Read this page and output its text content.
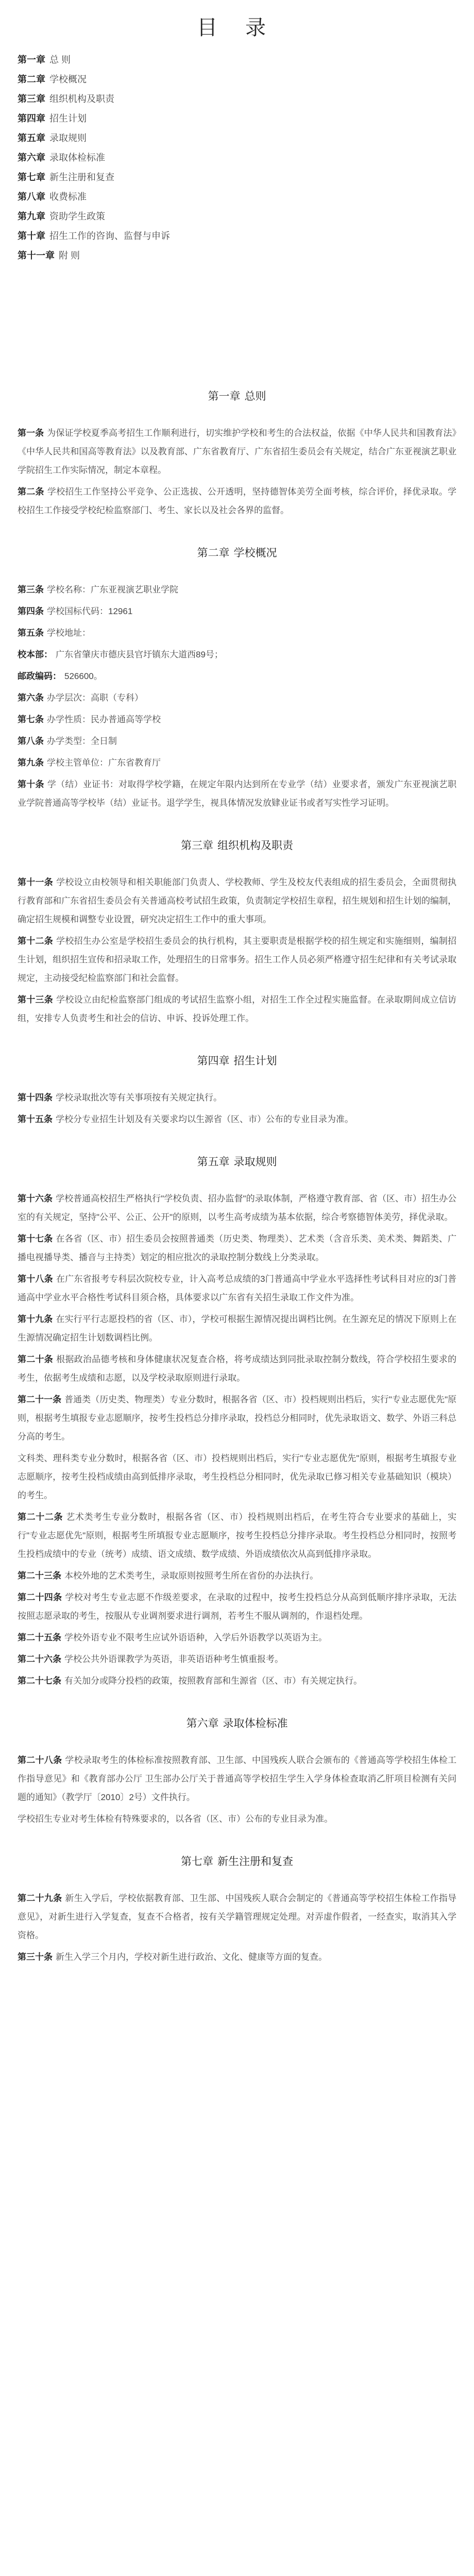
目 录
第一章 总 则
第二章 学校概况
第三章 组织机构及职责
第四章 招生计划
第五章 录取规则
第六章 录取体检标准
第七章 新生注册和复查
第八章 收费标准
第九章 资助学生政策
第十章 招生工作的咨询、监督与申诉
第十一章 附 则
第一章 总则

第一条 为保证学校夏季高考招生工作顺利进行，切实维护学校和考生的合法权益，依据《中华人民共和国教育法》《中华人民共和国高等教育法》以及教育部、广东省教育厅、广东省招生委员会有关规定，结合广东亚视演艺职业学院招生工作实际情况，制定本章程。

第二条 学校招生工作坚持公平竞争、公正选拔、公开透明，坚持德智体美劳全面考核，综合评价，择优录取。学校招生工作接受学校纪检监察部门、考生、家长以及社会各界的监督。

第二章 学校概况

第三条 学校名称：广东亚视演艺职业学院

第四条 学校国标代码：12961

第五条 学校地址：

校本部： 广东省肇庆市德庆县官圩镇东大道西89号；

邮政编码： 526600。

第六条 办学层次：高职（专科）

第七条 办学性质：民办普通高等学校

第八条 办学类型：全日制

第九条 学校主管单位：广东省教育厅

第十条 学（结）业证书：对取得学校学籍，在规定年限内达到所在专业学（结）业要求者，颁发广东亚视演艺职业学院普通高等学校毕（结）业证书。退学学生，视具体情况发放肄业证书或者写实性学习证明。

第三章 组织机构及职责

第十一条 学校设立由校领导和相关职能部门负责人、学校教师、学生及校友代表组成的招生委员会，全面贯彻执行教育部和广东省招生委员会有关普通高校考试招生政策，负责制定学校招生章程，招生规划和招生计划的编制，确定招生规模和调整专业设置，研究决定招生工作中的重大事项。

第十二条 学校招生办公室是学校招生委员会的执行机构，其主要职责是根据学校的招生规定和实施细则，编制招生计划，组织招生宣传和招录取工作，处理招生的日常事务。招生工作人员必须严格遵守招生纪律和有关考试录取规定，主动接受纪检监察部门和社会监督。

第十三条 学校设立由纪检监察部门组成的考试招生监察小组，对招生工作全过程实施监督。在录取期间成立信访组，安排专人负责考生和社会的信访、申诉、投诉处理工作。

第四章 招生计划

第十四条 学校录取批次等有关事项按有关规定执行。

第十五条 学校分专业招生计划及有关要求均以生源省（区、市）公布的专业目录为准。

第五章 录取规则

第十六条 学校普通高校招生严格执行"学校负责、招办监督"的录取体制，严格遵守教育部、省（区、市）招生办公室的有关规定，坚持"公平、公正、公开"的原则，以考生高考成绩为基本依据，综合考察德智体美劳，择优录取。

第十七条 在各省（区、市）招生委员会按照普通类（历史类、物理类）、艺术类（含音乐类、美术类、舞蹈类、广播电视播导类、播音与主持类）划定的相应批次的录取控制分数线上分类录取。

第十八条 在广东省报考专科层次院校专业，计入高考总成绩的3门普通高中学业水平选择性考试科目对应的3门普通高中学业水平合格性考试科目须合格，具体要求以广东省有关招生录取工作文件为准。

第十九条 在实行平行志愿投档的省（区、市），学校可根据生源情况提出调档比例。在生源充足的情况下原则上在生源情况确定招生计划数调档比例。

第二十条 根据政治品德考核和身体健康状况复查合格，将考成绩达到同批录取控制分数线，符合学校招生要求的考生，依据考生成绩和志愿，以及学校录取原则进行录取。

第二十一条 普通类（历史类、物理类）专业分数时，根据各省（区、市）投档规则出档后，实行"专业志愿优先"原则，根据考生填报专业志愿顺序，按考生投档总分排序录取，投档总分相同时，优先录取语文、数学、外语三科总分高的考生。

文科类、理科类专业分数时，根据各省（区、市）投档规则出档后，实行"专业志愿优先"原则，根据考生填报专业志愿顺序，按考生投档成绩由高到低排序录取，考生投档总分相同时，优先录取已修习相关专业基础知识（模块）的考生。

第二十二条 艺术类考生专业分数时，根据各省（区、市）投档规则出档后，在考生符合专业要求的基础上，实行"专业志愿优先"原则，根据考生所填报专业志愿顺序，按考生投档总分排序录取。考生投档总分相同时，按照考生投档成绩中的专业（统考）成绩、语文成绩、数学成绩、外语成绩依次从高到低排序录取。

第二十三条 本校外地的艺术类考生，录取原则按照考生所在省份的办法执行。

第二十四条 学校对考生专业志愿不作级差要求，在录取的过程中，按考生投档总分从高到低顺序排序录取，无法按照志愿录取的考生，按服从专业调剂要求进行调剂，若考生不服从调剂的，作退档处理。

第二十五条 学校外语专业不限考生应试外语语种，入学后外语教学以英语为主。

第二十六条 学校公共外语课教学为英语，非英语语种考生慎重报考。

第二十七条 有关加分或降分投档的政策，按照教育部和生源省（区、市）有关规定执行。

第六章 录取体检标准

第二十八条 学校录取考生的体检标准按照教育部、卫生部、中国残疾人联合会颁布的《普通高等学校招生体检工作指导意见》和《教育部办公厅 卫生部办公厅关于普通高等学校招生学生入学身体检查取消乙肝项目检测有关问题的通知》（教学厅〔2010〕2号）文件执行。

学校招生专业对考生体检有特殊要求的，以各省（区、市）公布的专业目录为准。

第七章 新生注册和复查

第二十九条 新生入学后，学校依据教育部、卫生部、中国残疾人联合会制定的《普通高等学校招生体检工作指导意见》，对新生进行入学复查，复查不合格者，按有关学籍管理规定处理。对弄虚作假者，一经查实，取消其入学资格。

第三十条 新生入学三个月内，学校对新生进行政治、文化、健康等方面的复查。
